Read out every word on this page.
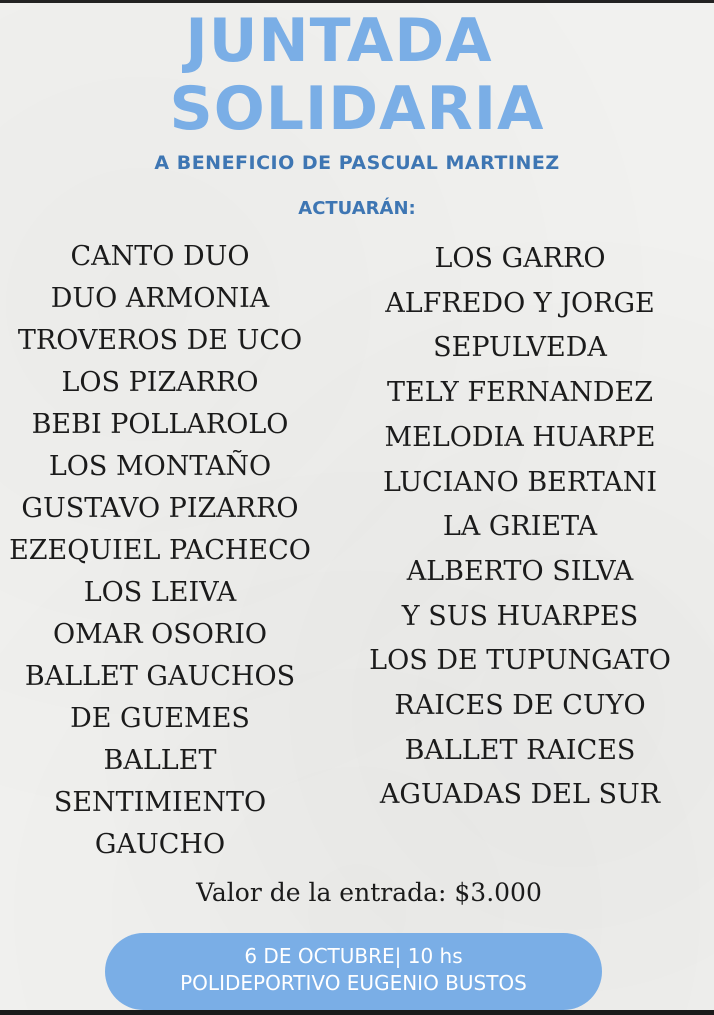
JUNTADA
SOLIDARIA
A BENEFICIO DE PASCUAL MARTINEZ
ACTUARÁN:
CANTO DUO
DUO ARMONIA
TROVEROS DE UCO
LOS PIZARRO
BEBI POLLAROLO
LOS MONTAÑO
GUSTAVO PIZARRO
EZEQUIEL PACHECO
LOS LEIVA
OMAR OSORIO
BALLET GAUCHOS
DE GUEMES
BALLET
SENTIMIENTO
GAUCHO
LOS GARRO
ALFREDO Y JORGE
SEPULVEDA
TELY FERNANDEZ
MELODIA HUARPE
LUCIANO BERTANI
LA GRIETA
ALBERTO SILVA
Y SUS HUARPES
LOS DE TUPUNGATO
RAICES DE CUYO
BALLET RAICES
AGUADAS DEL SUR
Valor de la entrada: $3.000
6 DE OCTUBRE| 10 hs
POLIDEPORTIVO EUGENIO BUSTOS
